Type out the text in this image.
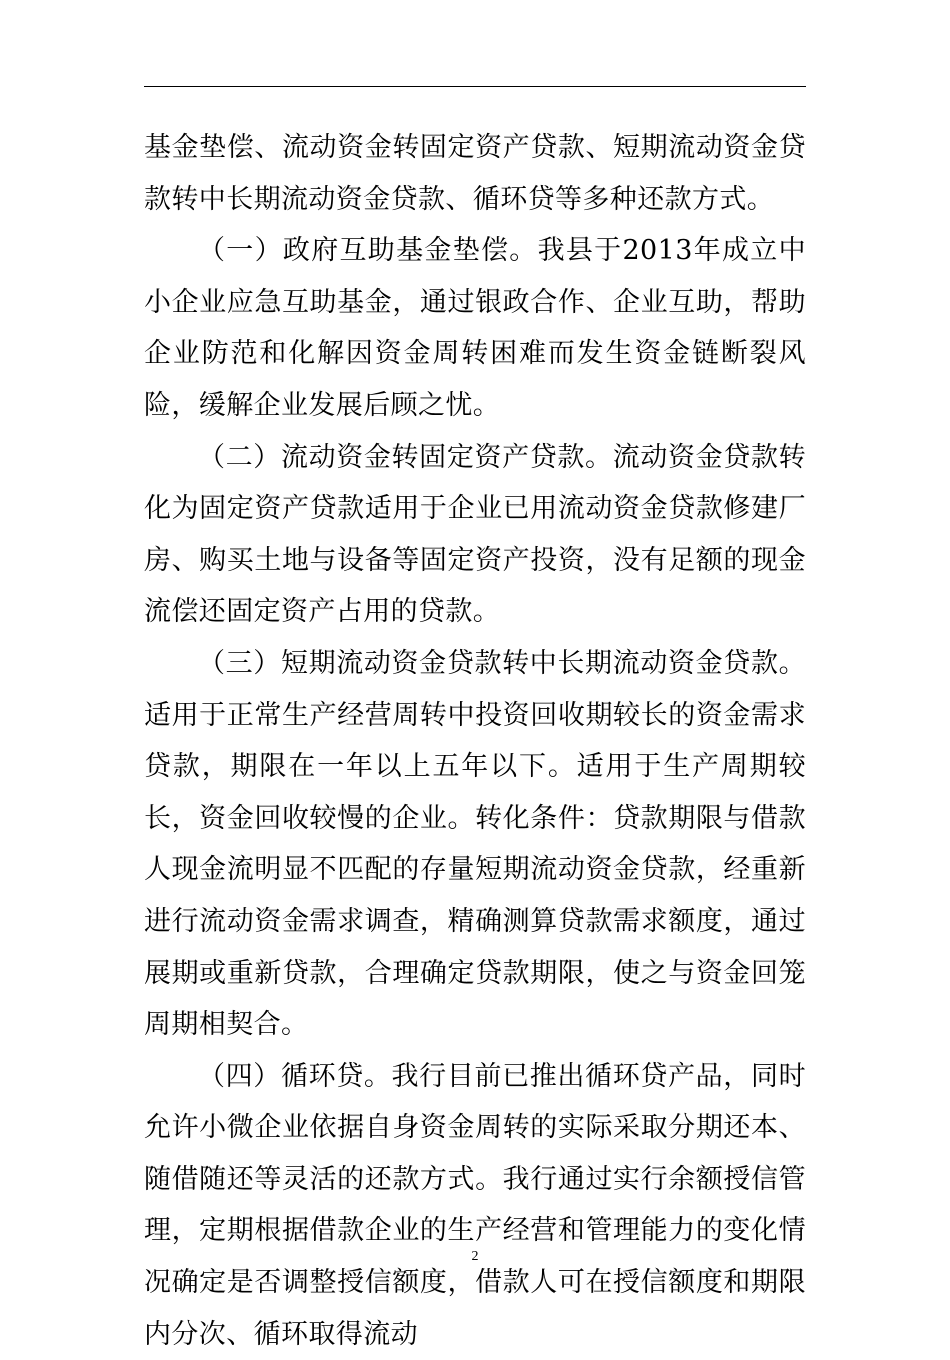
基金垫偿、流动资金转固定资产贷款、短期流动资金贷款转中长期流动资金贷款、循环贷等多种还款方式。

（一）政府互助基金垫偿。我县于2013年成立中小企业应急互助基金，通过银政合作、企业互助，帮助企业防范和化解因资金周转困难而发生资金链断裂风险，缓解企业发展后顾之忧。

（二）流动资金转固定资产贷款。流动资金贷款转化为固定资产贷款适用于企业已用流动资金贷款修建厂房、购买土地与设备等固定资产投资，没有足额的现金流偿还固定资产占用的贷款。

（三）短期流动资金贷款转中长期流动资金贷款。适用于正常生产经营周转中投资回收期较长的资金需求贷款，期限在一年以上五年以下。适用于生产周期较长，资金回收较慢的企业。转化条件：贷款期限与借款人现金流明显不匹配的存量短期流动资金贷款，经重新进行流动资金需求调查，精确测算贷款需求额度，通过展期或重新贷款，合理确定贷款期限，使之与资金回笼周期相契合。

（四）循环贷。我行目前已推出循环贷产品，同时允许小微企业依据自身资金周转的实际采取分期还本、随借随还等灵活的还款方式。我行通过实行余额授信管理，定期根据借款企业的生产经营和管理能力的变化情况确定是否调整授信额度，借款人可在授信额度和期限内分次、循环取得流动

2
